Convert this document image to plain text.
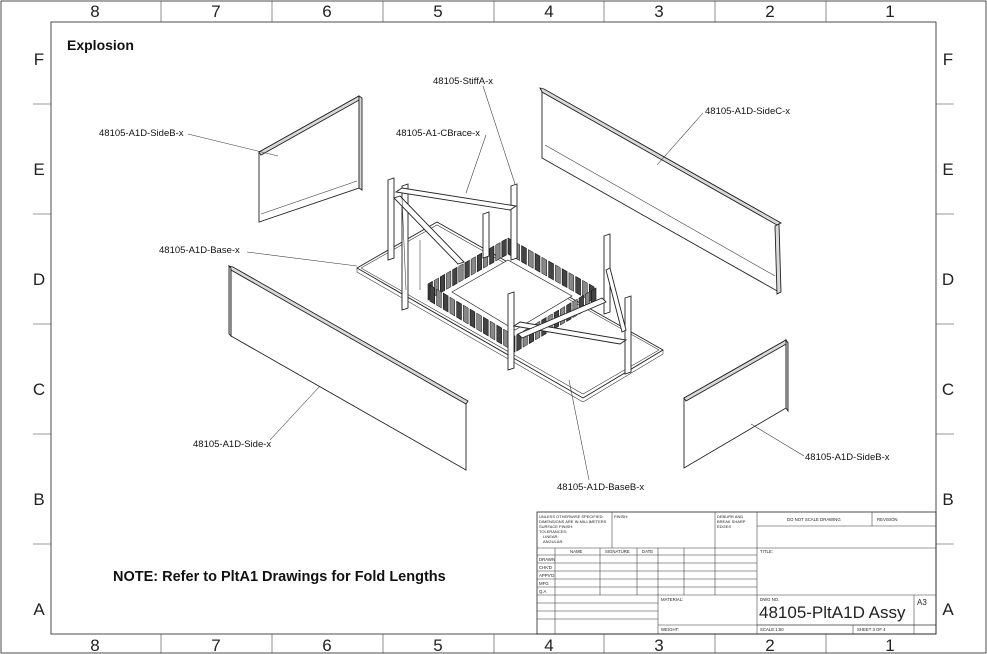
8	7	6	5	4	3	2	1
8	7	6	5	4	3	2	1
F
E
D
C
B
A
F
E
D
C
B
A
Explosion
48105-StiffA-x
48105-A1D-SideB-x	48105-A1-CBrace-x
48105-A1D-SideC-x
48105-A1D-Base-x
48105-A1D-Side-x
48105-A1D-BaseB-x
48105-A1D-SideB-x
NOTE: Refer to PltA1 Drawings for Fold Lengths
UNLESS OTHERWISE SPECIFIED:
DIMENSIONS ARE IN MILLIMETERS
SURFACE FINISH:
TOLERANCES:
LINEAR:
ANGULAR:
FINISH:	DEBURR AND
BREAK SHARP
EDGES
DO NOT SCALE DRAWING	REVISION
NAME	SIGNATURE	DATE	TITLE:
DRAWN
CHK'D
APPV'D
MFG
Q.A
MATERIAL:
WEIGHT:
DWG NO.
48105-PltA1D Assy
A3
SCALE:1:50	SHEET 3 OF 4
